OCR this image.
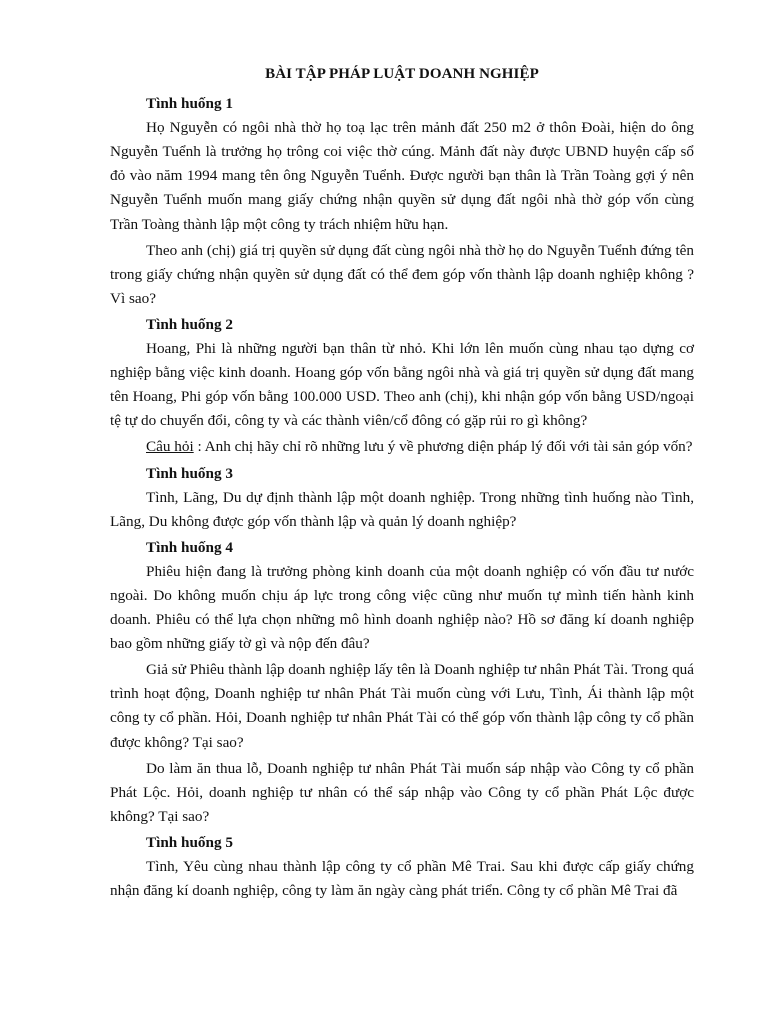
BÀI TẬP PHÁP LUẬT DOANH NGHIỆP
Tình huống 1

Họ Nguyễn có ngôi nhà thờ họ toạ lạc trên mảnh đất 250 m2 ở thôn Đoài, hiện do ông Nguyễn Tuểnh là trưởng họ trông coi việc thờ cúng. Mảnh đất này được UBND huyện cấp sổ đỏ vào năm 1994 mang tên ông Nguyễn Tuểnh. Được người bạn thân là Trần Toàng gợi ý nên Nguyễn Tuểnh muốn mang giấy chứng nhận quyền sử dụng đất ngôi nhà thờ góp vốn cùng Trần Toàng thành lập một công ty trách nhiệm hữu hạn.

Theo anh (chị) giá trị quyền sử dụng đất cùng ngôi nhà thờ họ do Nguyễn Tuểnh đứng tên trong giấy chứng nhận quyền sử dụng đất có thể đem góp vốn thành lập doanh nghiệp không ? Vì sao?

Tình huống 2

Hoang, Phi là những người bạn thân từ nhỏ. Khi lớn lên muốn cùng nhau tạo dựng cơ nghiệp bằng việc kinh doanh. Hoang góp vốn bằng ngôi nhà và giá trị quyền sử dụng đất mang tên Hoang, Phi góp vốn bằng 100.000 USD. Theo anh (chị), khi nhận góp vốn bằng USD/ngoại tệ tự do chuyển đổi, công ty và các thành viên/cổ đông có gặp rủi ro gì không?

Câu hỏi : Anh chị hãy chỉ rõ những lưu ý về phương diện pháp lý đối với tài sản góp vốn?

Tình huống 3

Tình, Lãng, Du dự định thành lập một doanh nghiệp. Trong những tình huống nào Tình, Lãng, Du không được góp vốn thành lập và quản lý doanh nghiệp?

Tình huống 4

Phiêu hiện đang là trưởng phòng kinh doanh của một doanh nghiệp có vốn đầu tư nước ngoài. Do không muốn chịu áp lực trong công việc cũng như muốn tự mình tiến hành kinh doanh. Phiêu có thể lựa chọn những mô hình doanh nghiệp nào? Hồ sơ đăng kí doanh nghiệp bao gồm những giấy tờ gì và nộp đến đâu?

Giả sử Phiêu thành lập doanh nghiệp lấy tên là Doanh nghiệp tư nhân Phát Tài. Trong quá trình hoạt động, Doanh nghiệp tư nhân Phát Tài muốn cùng với Lưu, Tình, Ái thành lập một công ty cổ phần. Hỏi, Doanh nghiệp tư nhân Phát Tài có thể góp vốn thành lập công ty cổ phần được không? Tại sao?

Do làm ăn thua lỗ, Doanh nghiệp tư nhân Phát Tài muốn sáp nhập vào Công ty cổ phần Phát Lộc. Hỏi, doanh nghiệp tư nhân có thể sáp nhập vào Công ty cổ phần Phát Lộc được không? Tại sao?

Tình huống 5

Tình, Yêu cùng nhau thành lập công ty cổ phần Mê Trai. Sau khi được cấp giấy chứng nhận đăng kí doanh nghiệp, công ty làm ăn ngày càng phát triển. Công ty cổ phần Mê Trai đã
